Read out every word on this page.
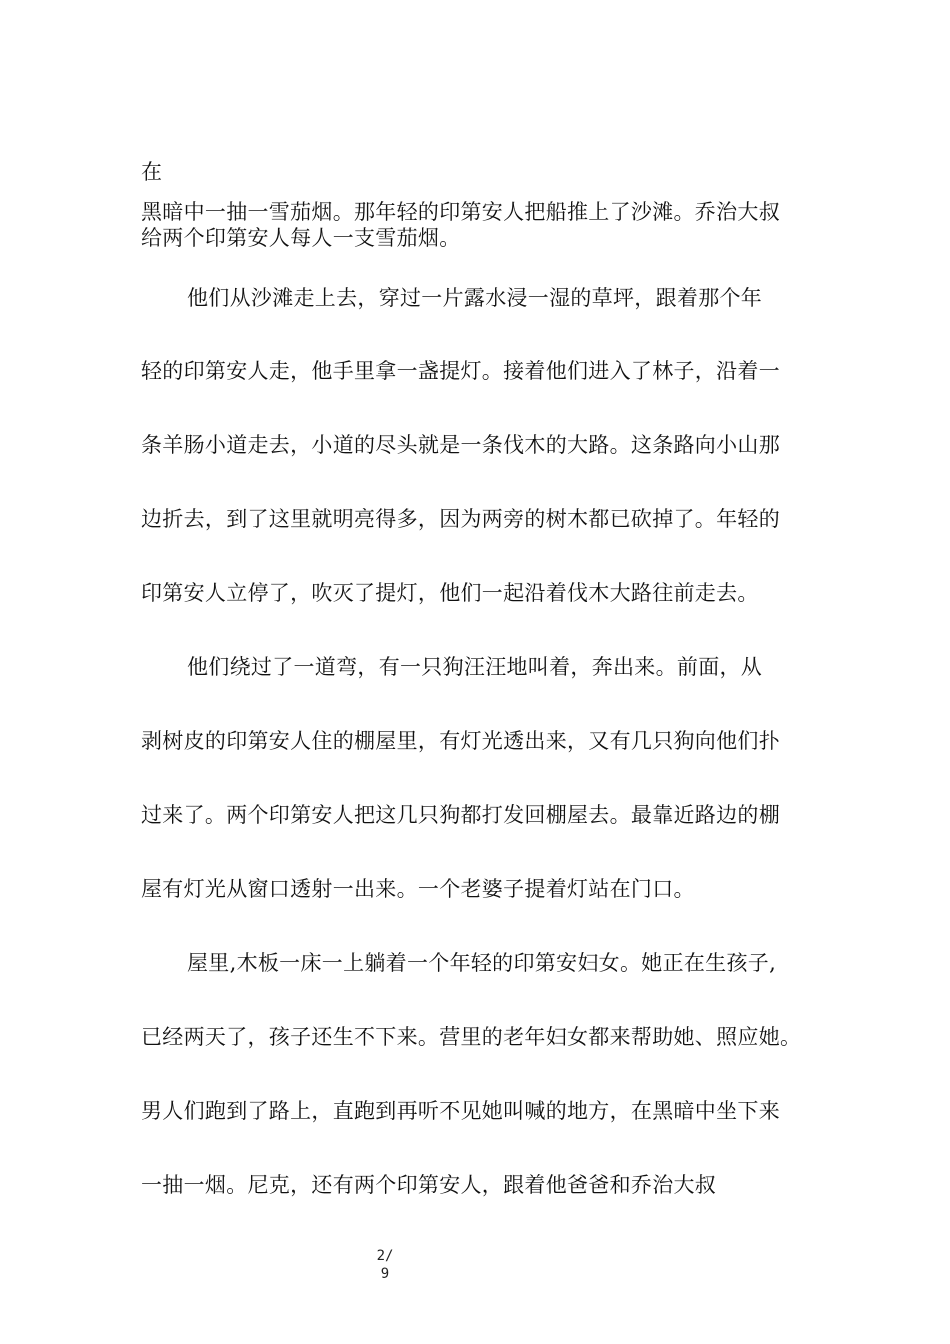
在
黑暗中一抽一雪茄烟。那年轻的印第安人把船推上了沙滩。乔治大叔
给两个印第安人每人一支雪茄烟。
他们从沙滩走上去，穿过一片露水浸一湿的草坪，跟着那个年
轻的印第安人走，他手里拿一盏提灯。接着他们进入了林子，沿着一
条羊肠小道走去，小道的尽头就是一条伐木的大路。这条路向小山那
边折去，到了这里就明亮得多，因为两旁的树木都已砍掉了。年轻的
印第安人立停了，吹灭了提灯，他们一起沿着伐木大路往前走去。
他们绕过了一道弯，有一只狗汪汪地叫着，奔出来。前面，从
剥树皮的印第安人住的棚屋里，有灯光透出来，又有几只狗向他们扑
过来了。两个印第安人把这几只狗都打发回棚屋去。最靠近路边的棚
屋有灯光从窗口透射一出来。一个老婆子提着灯站在门口。
屋里,木板一床一上躺着一个年轻的印第安妇女。她正在生孩子,
已经两天了，孩子还生不下来。营里的老年妇女都来帮助她、照应她。
男人们跑到了路上，直跑到再听不见她叫喊的地方，在黑暗中坐下来
一抽一烟。尼克，还有两个印第安人，跟着他爸爸和乔治大叔
2/
9
